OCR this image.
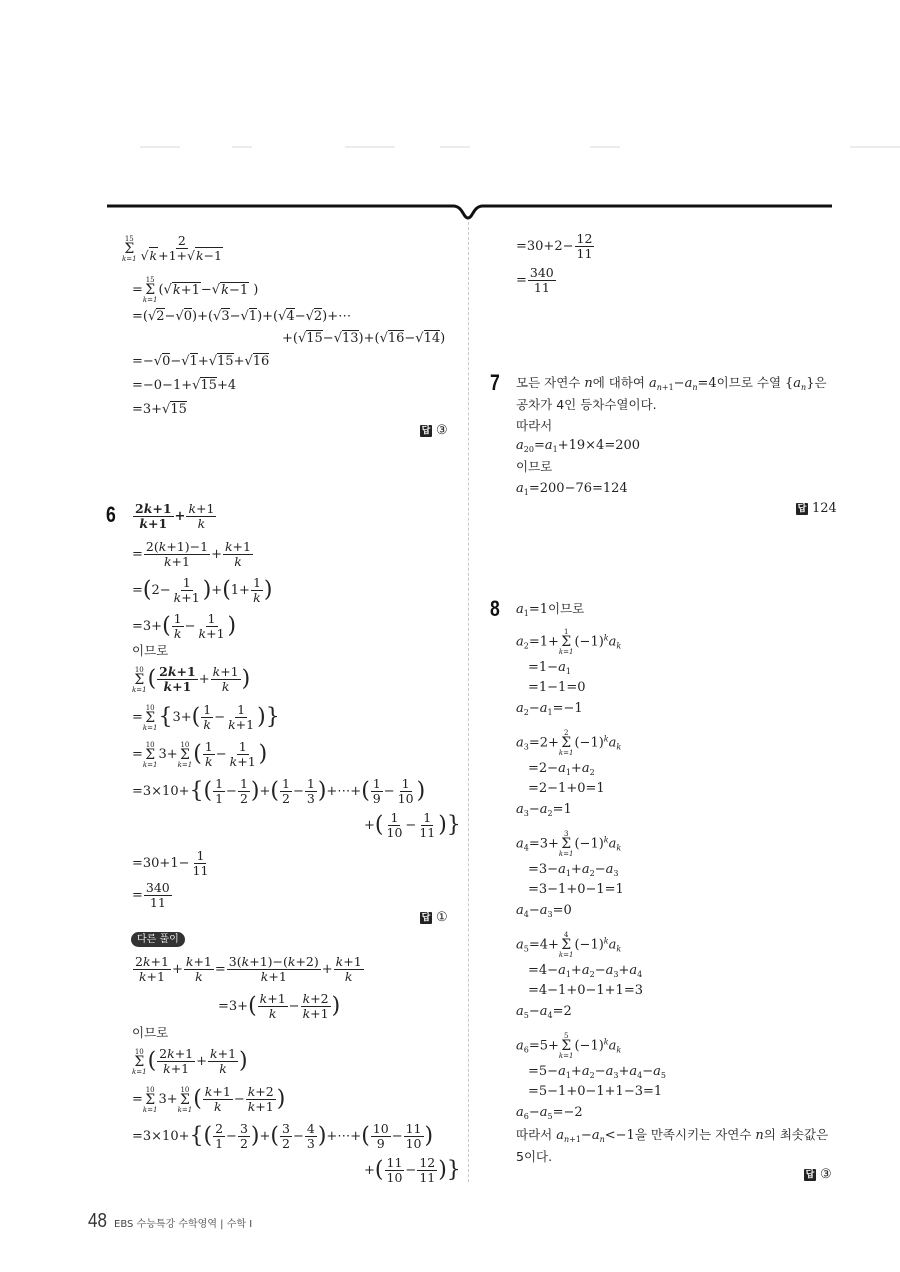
15
Σ
$k=1 \frac{2}{√k+1+√k-1}$
=
15
Σ
k=1
(√k+1−√k−1 )
=(√2−√0)+(√3−√1)+(√4−√2)+⋯
+(√15−√13)+(√16−√14)
=−√0−√1+√15+√16
=−0−1+√15+4
=3+√15
답 ③
$6 \frac{2k+1}{k+1} + \frac{k+1}{k}$
= $\frac{2(k+1)-1}{k+1} + \frac{k+1}{k}$
$=(2- \frac{1}{k+1} )+(1+ \frac{1}{k}$ )
$=3+( \frac{1}{k} - \frac{1}{k+1}$ )
이므로
10
Σ
k=1 ( $\frac{2k+1}{k+1} + \frac{k+1}{k}$ )
=
10
Σ
k=1 {$3+( \frac{1}{k} - \frac{1}{k+1}$ )}
=
10
Σ
k=1
3+
10
Σ
k=1 ( $\frac{1}{k} - \frac{1}{k+1}$ )
$=3\times 10+\{( \frac{1}{1} - \frac{1}{2}$ )+( $\frac{1}{2} - \frac{1}{3}$ )+⋯+( $\frac{1}{9} - \frac{1}{10}$ )
+( $\frac{1}{10} - \frac{1}{11}$ )}
$=30+1- \frac{1}{11}$
= $\frac{340}{11}$
답 ①
다른 풀이
$\frac{2k+1}{k+1} + \frac{k+1}{k} = \frac{3(k+1)-(k+2)}{k+1} + \frac{k+1}{k}$
$=3+( \frac{k+1}{k} - \frac{k+2}{k+1}$ )
이므로
10
Σ
k=1 ( $\frac{2k+1}{k+1} + \frac{k+1}{k}$ )
=
10
Σ
k=1
3+
10
Σ
k=1 ( $\frac{k+1}{k} - \frac{k+2}{k+1}$ )
$=3\times 10+\{( \frac{2}{1} - \frac{3}{2}$ )+( $\frac{3}{2} - \frac{4}{3}$ )+⋯+( $\frac{10}{9} - \frac{11}{10}$ )
+( $\frac{11}{10} - \frac{12}{11}$ )}
$=30+2- \frac{12}{11}$
= $\frac{340}{11}$
7 모든 자연수 n에 대하여 $a_{n+1}-a_n=4$이므로 수열 $\{a_n\}$은
공차가 4인 등차수열이다.
따라서
$a_{20}=a_1+19\times 4=200$
이므로
$a_1=200-76=124$
답 124
8 $a_1=1$이므로
$a_2=1+$
1
Σ
k=1
$(-1)^ka_k$
$=1-a_1$
=1−1=0
$a_2-a_1=-1$
$a_3=2+$
2
Σ
k=1
$(-1)^ka_k$
$=2-a_1+a_2$
=2−1+0=1
$a_3-a_2=1$
$a_4=3+$
3
Σ
k=1
$(-1)^ka_k$
$=3-a_1+a_2-a_3$
=3−1+0−1=1
$a_4-a_3=0$
$a_5=4+$
4
Σ
k=1
$(-1)^ka_k$
$=4-a_1+a_2-a_3+a_4$
=4−1+0−1+1=3
$a_5-a_4=2$
$a_6=5+$
5
Σ
k=1
$(-1)^ka_k$
$=5-a_1+a_2-a_3+a_4-a_5$
=5−1+0−1+1−3=1
$a_6-a_5=-2$
따라서 $a_{n+1}-a_n<-1$을 만족시키는 자연수 n의 최솟값은
5이다.
답 ③
48 EBS 수능특강 수학영역 | 수학 Ⅰ
